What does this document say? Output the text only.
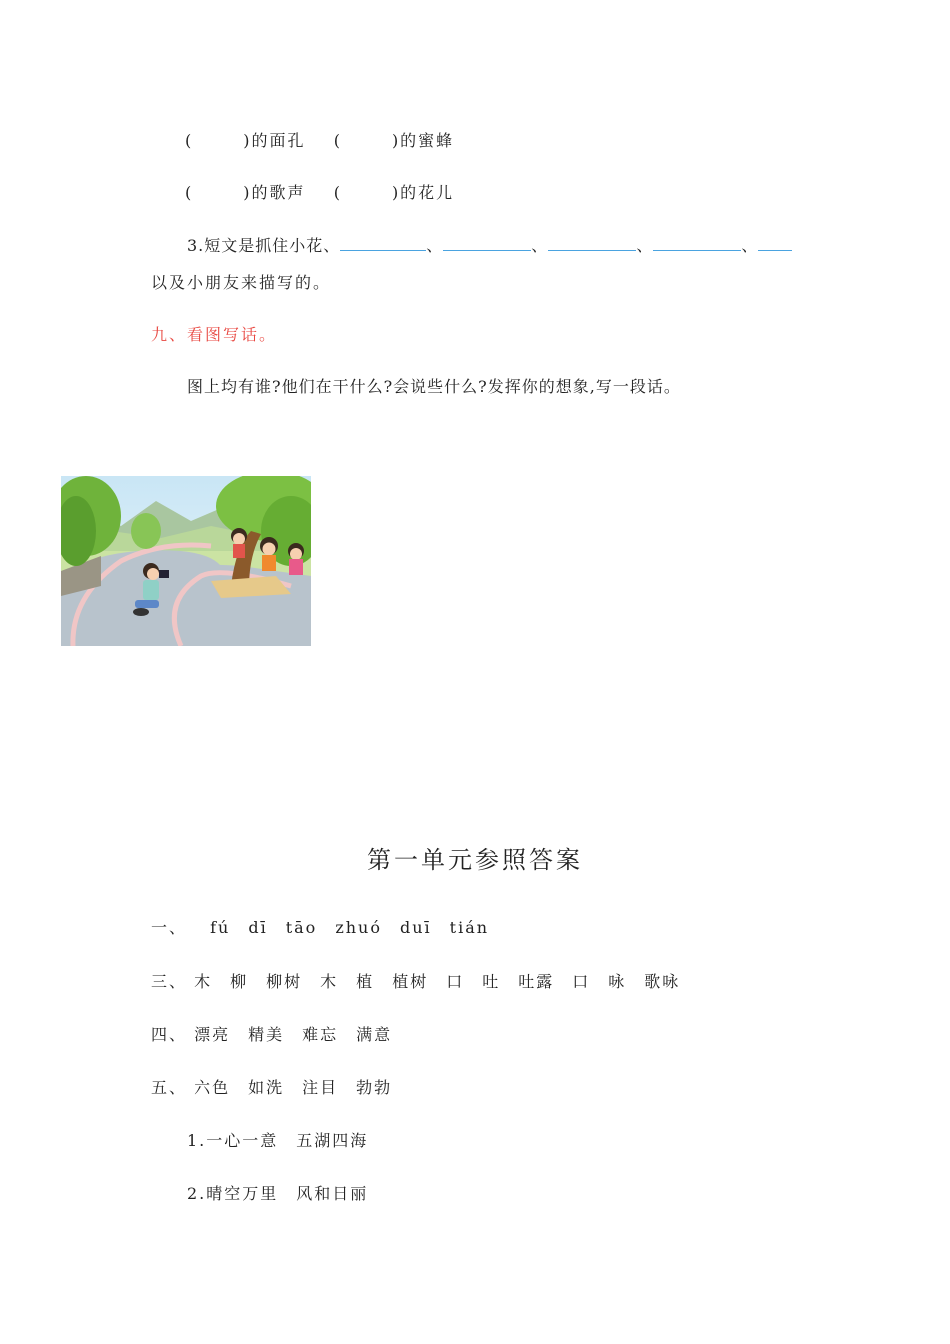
(	)的面孔 (	)的蜜蜂
(	)的歌声 (	)的花儿
3.短文是抓住小花、	、	、	、	、
以及小朋友来描写的。
九、看图写话。
图上均有谁?他们在干什么?会说些什么?发挥你的想象,写一段话。
第一单元参照答案
一、 fú dī tāo zhuó duī tián
三、 木 柳 柳树 木 植 植树 口 吐 吐露 口 咏 歌咏
四、 漂亮 精美 难忘 满意
五、 六色 如洗 注目 勃勃
1.一心一意 五湖四海
2.晴空万里 风和日丽
